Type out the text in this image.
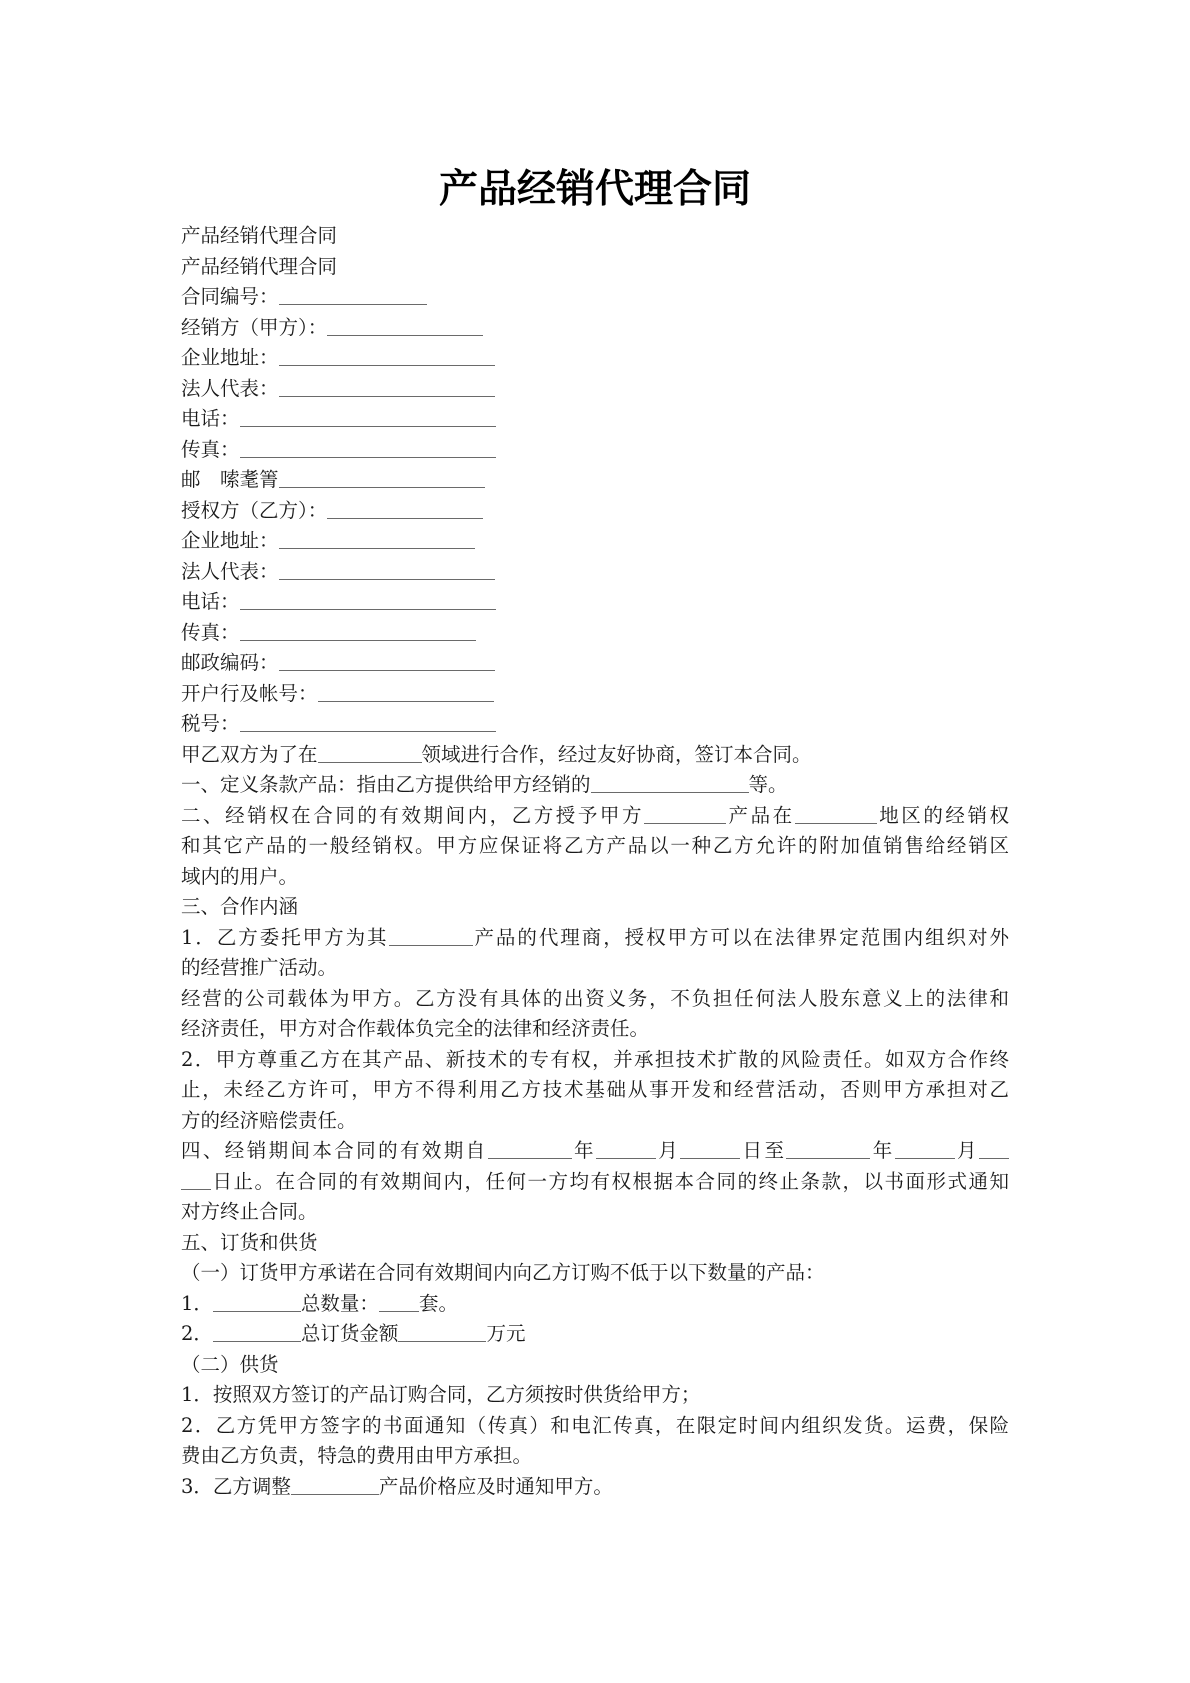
产品经销代理合同
产品经销代理合同
产品经销代理合同
合同编号：
经销方（甲方）：
企业地址：
法人代表：
电话：
传真：
邮　嗦耄箐
授权方（乙方）：
企业地址：
法人代表：
电话：
传真：
邮政编码：
开户行及帐号：
税号：
甲乙双方为了在	领域进行合作，经过友好协商，签订本合同。
一、定义条款产品：指由乙方提供给甲方经销的	等。
二、经销权在合同的有效期间内，乙方授予甲方	产品在	地区的经销权
和其它产品的一般经销权。甲方应保证将乙方产品以一种乙方允许的附加值销售给经销区
域内的用户。
三、合作内涵
1．乙方委托甲方为其	产品的代理商，授权甲方可以在法律界定范围内组织对外
的经营推广活动。
经营的公司载体为甲方。乙方没有具体的出资义务，不负担任何法人股东意义上的法律和
经济责任，甲方对合作载体负完全的法律和经济责任。
2．甲方尊重乙方在其产品、新技术的专有权，并承担技术扩散的风险责任。如双方合作终
止，未经乙方许可，甲方不得利用乙方技术基础从事开发和经营活动，否则甲方承担对乙
方的经济赔偿责任。
四、经销期间本合同的有效期自	年	月	日至	年	月
日止。在合同的有效期间内，任何一方均有权根据本合同的终止条款，以书面形式通知
对方终止合同。
五、订货和供货
（一）订货甲方承诺在合同有效期间内向乙方订购不低于以下数量的产品：
1．	总数量： 套。
2．	总订货金额	万元
（二）供货
1．按照双方签订的产品订购合同，乙方须按时供货给甲方；
2．乙方凭甲方签字的书面通知（传真）和电汇传真，在限定时间内组织发货。运费，保险
费由乙方负责，特急的费用由甲方承担。
3．乙方调整	产品价格应及时通知甲方。
